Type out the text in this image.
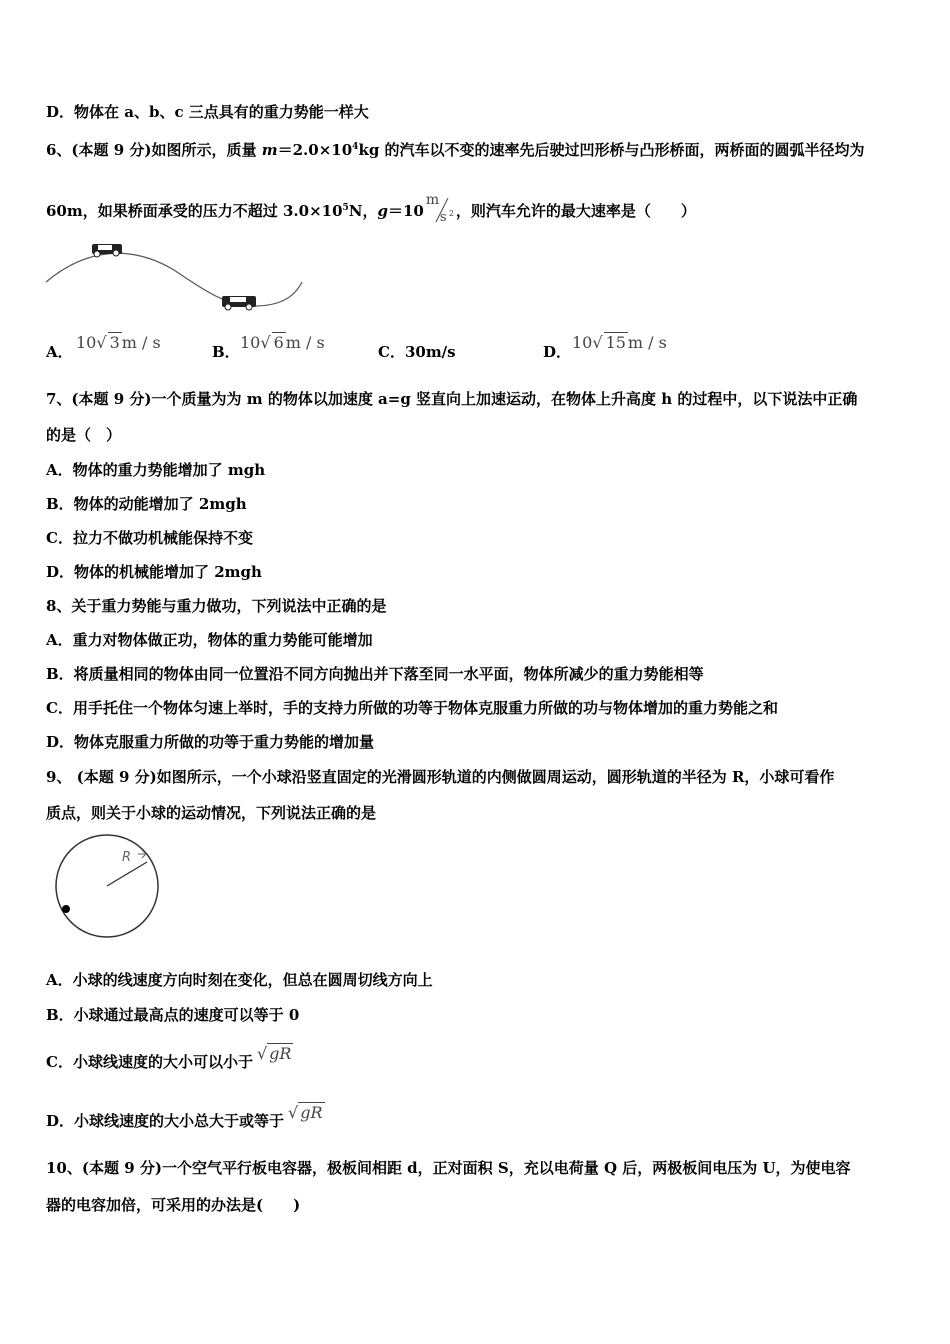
D．物体在 a、b、c 三点具有的重力势能一样大
6、(本题 9 分)如图所示，质量 $m=2.0\times 10^4kg$ 的汽车以不变的速率先后驶过凹形桥与凸形桥面，两桥面的圆弧半径均为
60m，如果桥面承受的压力不超过 $3.0\times 10^5N$，g＝10
m
s 2 ，则汽车允许的最大速率是（　　）
A． 10√ 3 m / s	B． 10√ 6 m / s	C．30m/s	D． 10√ 15 m / s
7、(本题 9 分)一个质量为为 m 的物体以加速度 a=g 竖直向上加速运动，在物体上升高度 h 的过程中，以下说法中正确
的是（　）
A．物体的重力势能增加了 mgh
B．物体的动能增加了 2mgh
C．拉力不做功机械能保持不变
D．物体的机械能增加了 2mgh
8、关于重力势能与重力做功，下列说法中正确的是
A．重力对物体做正功，物体的重力势能可能增加
B．将质量相同的物体由同一位置沿不同方向抛出并下落至同一水平面，物体所减少的重力势能相等
C．用手托住一个物体匀速上举时，手的支持力所做的功等于物体克服重力所做的功与物体增加的重力势能之和
D．物体克服重力所做的功等于重力势能的增加量
9、 (本题 9 分)如图所示，一个小球沿竖直固定的光滑圆形轨道的内侧做圆周运动，圆形轨道的半径为 R，小球可看作
质点，则关于小球的运动情况，下列说法正确的是
R
A．小球的线速度方向时刻在变化，但总在圆周切线方向上
B．小球通过最高点的速度可以等于 0
C．小球线速度的大小可以小于 √ gR
D．小球线速度的大小总大于或等于 √ gR
10、(本题 9 分)一个空气平行板电容器，极板间相距 d，正对面积 S，充以电荷量 Q 后，两极板间电压为 U，为使电容
器的电容加倍，可采用的办法是(　　)
